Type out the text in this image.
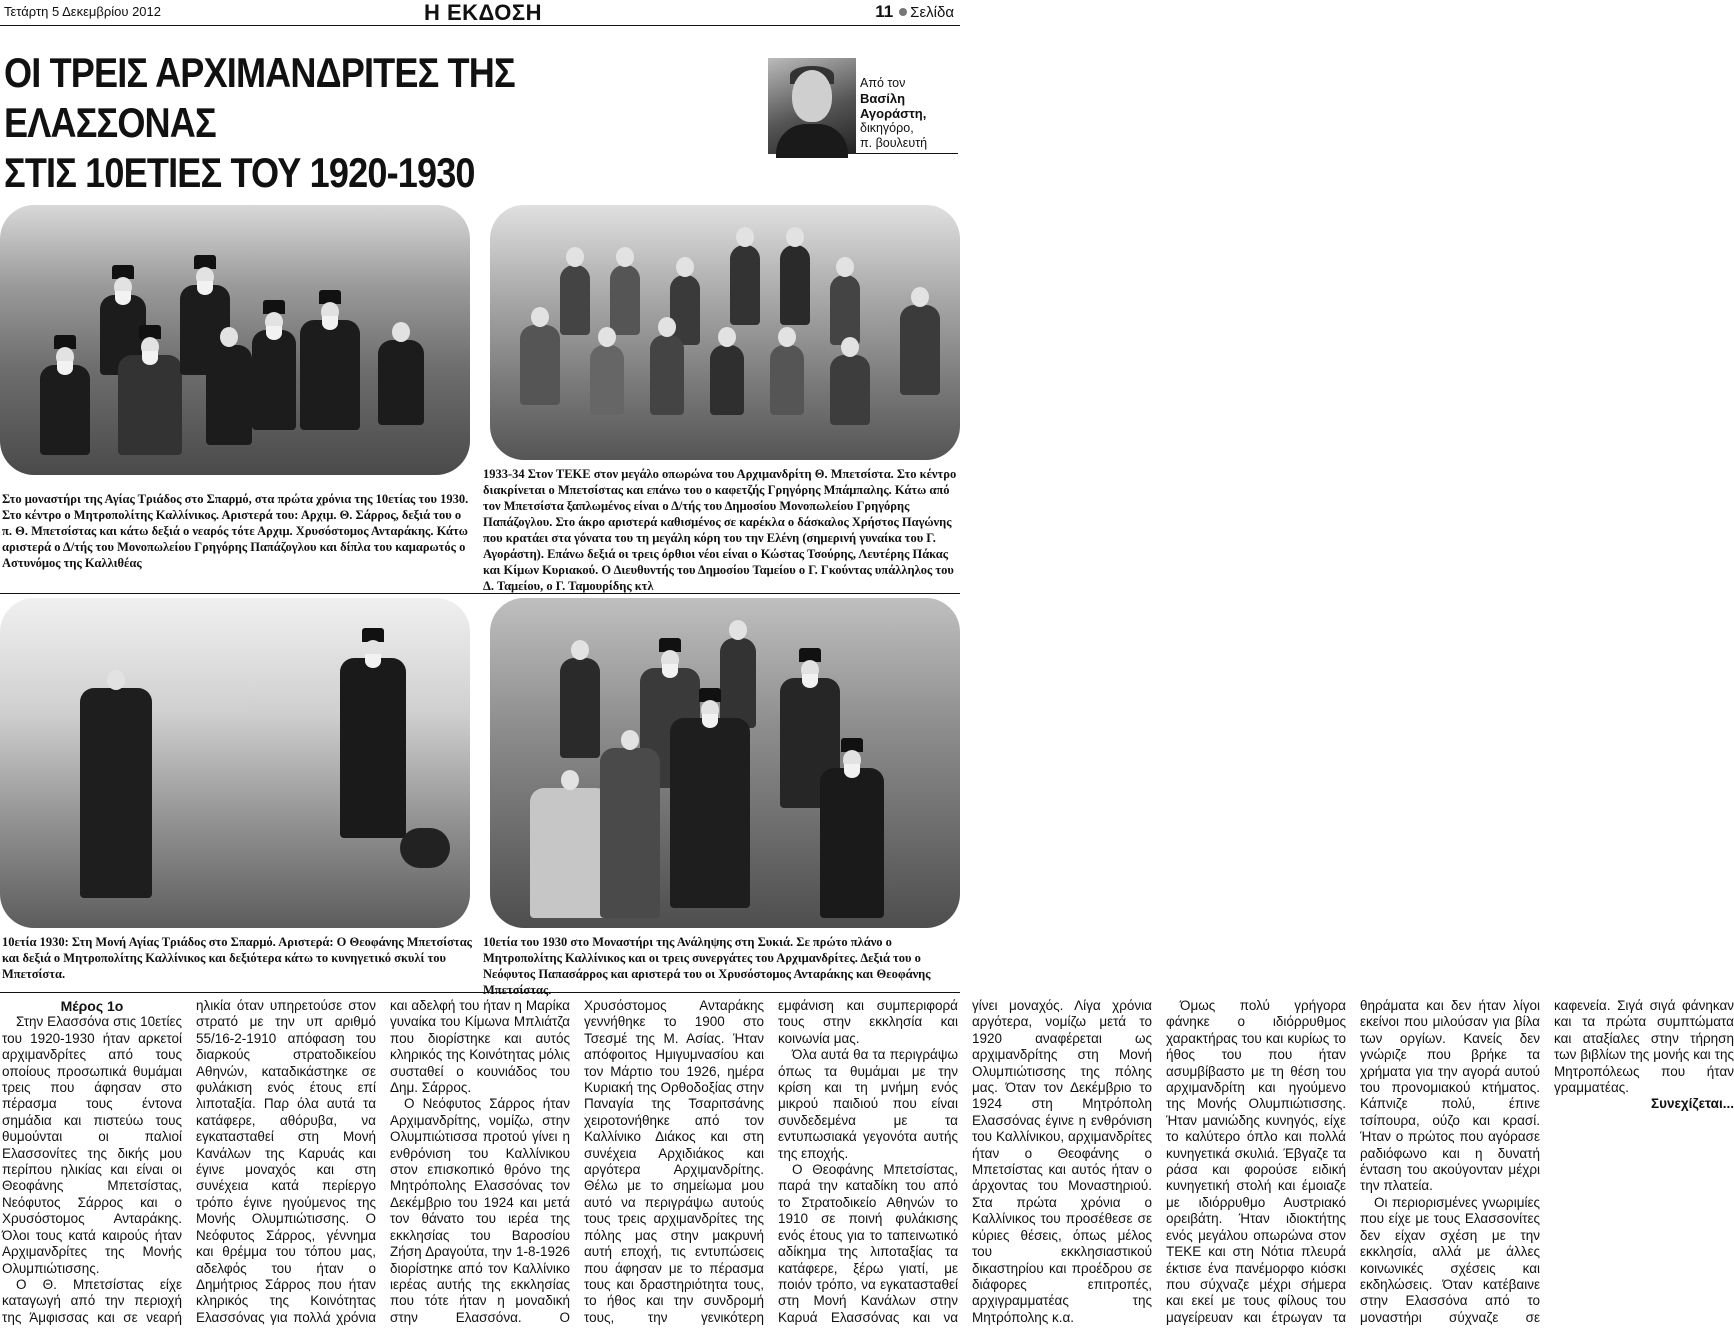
Τετάρτη 5 Δεκεμβρίου 2012	Η ΕΚΔΟΣΗ	11 Σελίδα
ΟΙ ΤΡΕΙΣ ΑΡΧΙΜΑΝΔΡΙΤΕΣ ΤΗΣ ΕΛΑΣΣΟΝΑΣ
ΣΤΙΣ 10ΕΤΙΕΣ ΤΟΥ 1920-1930
Από τον
Βασίλη
Αγοράστη,
δικηγόρο,
π. βουλευτή
Στο μοναστήρι της Αγίας Τριάδος στο Σπαρμό, στα πρώτα χρόνια της 10ετίας του 1930. Στο κέντρο ο Μητροπολίτης Καλλίνικος. Αριστερά του: Αρχιμ. Θ. Σάρρος, δεξιά του ο π. Θ. Μπετσίστας και κάτω δεξιά ο νεαρός τότε Αρχιμ. Χρυσόστομος Ανταράκης. Κάτω αριστερά ο Δ/τής του Μονοπωλείου Γρηγόρης Παπάζογλου και δίπλα του καμαρωτός ο Αστυνόμος της Καλλιθέας
1933-34 Στον ΤΕΚΕ στον μεγάλο οπωρώνα του Αρχιμανδρίτη Θ. Μπετσίστα. Στο κέντρο διακρίνεται ο Μπετσίστας και επάνω του ο καφετζής Γρηγόρης Μπάμπαλης. Κάτω από τον Μπετσίστα ξαπλωμένος είναι ο Δ/τής του Δημοσίου Μονοπωλείου Γρηγόρης Παπάζογλου. Στο άκρο αριστερά καθισμένος σε καρέκλα ο δάσκαλος Χρήστος Παγώνης που κρατάει στα γόνατα του τη μεγάλη κόρη του την Ελένη (σημερινή γυναίκα του Γ. Αγοράστη). Επάνω δεξιά οι τρεις όρθιοι νέοι είναι ο Κώστας Τσούρης, Λευτέρης Πάκας και Κίμων Κυριακού. Ο Διευθυντής του Δημοσίου Ταμείου ο Γ. Γκούντας υπάλληλος του Δ. Ταμείου, ο Γ. Ταμουρίδης κτλ
10ετία 1930: Στη Μονή Αγίας Τριάδος στο Σπαρμό. Αριστερά: Ο Θεοφάνης Μπετσίστας και δεξιά ο Μητροπολίτης Καλλίνικος και δεξιότερα κάτω το κυνηγετικό σκυλί του Μπετσίστα.
10ετία του 1930 στο Μοναστήρι της Ανάληψης στη Συκιά. Σε πρώτο πλάνο ο Μητροπολίτης Καλλίνικος και οι τρεις συνεργάτες του Αρχιμανδρίτες. Δεξιά του ο Νεόφυτος Παπασάρρος και αριστερά του οι Χρυσόστομος Ανταράκης και Θεοφάνης Μπετσίστας.

Μέρος 1ο

Στην Ελασσόνα στις 10ετίες του 1920-1930 ήταν αρκετοί αρχιμανδρίτες από τους οποίους προσωπικά θυμάμαι τρεις που άφησαν στο πέρασμα τους έντονα σημάδια και πιστεύω τους θυμούνται οι παλιοί Ελασσονίτες της δικής μου περίπου ηλικίας και είναι οι Θεοφάνης Μπετσίστας, Νεόφυτος Σάρρος και ο Χρυσόστομος Ανταράκης. Όλοι τους κατά καιρούς ήταν Αρχιμανδρίτες της Μονής Ολυμπιώτισσης.

Ο Θ. Μπετσίστας είχε καταγωγή από την περιοχή της Άμφισσας και σε νεαρή ηλικία όταν υπηρετούσε στον στρατό με την υπ αριθμό 55/16-2-1910 απόφαση του διαρκούς στρατοδικείου Αθηνών, καταδικάστηκε σε φυλάκιση ενός έτους επί λιποταξία. Παρ όλα αυτά τα κατάφερε, αθόρυβα, να εγκατασταθεί στη Μονή Κανάλων της Καρυάς και έγινε μοναχός και στη συνέχεια κατά περίεργο τρόπο έγινε ηγούμενος της Μονής Ολυμπιώτισσης. Ο Νεόφυτος Σάρρος, γέννημα και θρέμμα του τόπου μας, αδελφός του ήταν ο Δημήτριος Σάρρος που ήταν κληρικός της Κοινότητας Ελασσόνας για πολλά χρόνια και αδελφή του ήταν η Μαρίκα γυναίκα του Κίμωνα Μπλιάτζα που διορίστηκε και αυτός κληρικός της Κοινότητας μόλις συσταθεί ο κουνιάδος του Δημ. Σάρρος.

Ο Νεόφυτος Σάρρος ήταν Αρχιμανδρίτης, νομίζω, στην Ολυμπιώτισσα προτού γίνει η ενθρόνιση του Καλλίνικου στον επισκοπικό θρόνο της Μητρόπολης Ελασσόνας τον Δεκέμβριο του 1924 και μετά τον θάνατο του ιερέα της εκκλησίας του Βαροσίου Ζήση Δραγούτα, την 1-8-1926 διορίστηκε από τον Καλλίνικο ιερέας αυτής της εκκλησίας που τότε ήταν η μοναδική στην Ελασσόνα. Ο Χρυσόστομος Ανταράκης γεννήθηκε το 1900 στο Τσεσμέ της Μ. Ασίας. Ήταν απόφοιτος Ημιγυμνασίου και τον Μάρτιο του 1926, ημέρα Κυριακή της Ορθοδοξίας στην Παναγία της Τσαριτσάνης χειροτονήθηκε από τον Καλλίνικο Διάκος και στη συνέχεια Αρχιδιάκος και αργότερα Αρχιμανδρίτης. Θέλω με το σημείωμα μου αυτό να περιγράψω αυτούς τους τρεις αρχιμανδρίτες της πόλης μας στην μακρυνή αυτή εποχή, τις εντυπώσεις που άφησαν με το πέρασμα τους και δραστηριότητα τους, το ήθος και την συνδρομή τους, την γενικότερη εμφάνιση και συμπεριφορά τους στην εκκλησία και κοινωνία μας.

Όλα αυτά θα τα περιγράψω όπως τα θυμάμαι με την κρίση και τη μνήμη ενός μικρού παιδιού που είναι συνδεδεμένα με τα εντυπωσιακά γεγονότα αυτής της εποχής.

Ο Θεοφάνης Μπετσίστας, παρά την καταδίκη του από το Στρατοδικείο Αθηνών το 1910 σε ποινή φυλάκισης ενός έτους για το ταπεινωτικό αδίκημα της λιποταξίας τα κατάφερε, ξέρω γιατί, με ποιόν τρόπο, να εγκατασταθεί στη Μονή Κανάλων στην Καρυά Ελασσόνας και να γίνει μοναχός. Λίγα χρόνια αργότερα, νομίζω μετά το 1920 αναφέρεται ως αρχιμανδρίτης στη Μονή Ολυμπιώτισσης της πόλης μας. Όταν τον Δεκέμβριο το 1924 στη Μητρόπολη Ελασσόνας έγινε η ενθρόνιση του Καλλίνικου, αρχιμανδρίτες ήταν ο Θεοφάνης ο Μπετσίστας και αυτός ήταν ο άρχοντας του Μοναστηριού. Στα πρώτα χρόνια ο Καλλίνικος του προσέθεσε σε κύριες θέσεις, όπως μέλος του εκκλησιαστικού δικαστηρίου και προέδρου σε διάφορες επιτροπές, αρχιγραμματέας της Μητρόπολης κ.α.

Όμως πολύ γρήγορα φάνηκε ο ιδιόρρυθμος χαρακτήρας του και κυρίως το ήθος του που ήταν ασυμβίβαστο με τη θέση του αρχιμανδρίτη και ηγούμενο της Μονής Ολυμπιώτισσης. Ήταν μανιώδης κυνηγός, είχε το καλύτερο όπλο και πολλά κυνηγετικά σκυλιά. Έβγαζε τα ράσα και φορούσε ειδική κυνηγετική στολή και έμοιαζε με ιδιόρρυθμο Αυστριακό ορειβάτη. Ήταν ιδιοκτήτης ενός μεγάλου οπωρώνα στον ΤΕΚΕ και στη Νότια πλευρά έκτισε ένα πανέμορφο κιόσκι που σύχναζε μέχρι σήμερα και εκεί με τους φίλους του μαγείρευαν και έτρωγαν τα θηράματα και δεν ήταν λίγοι εκείνοι που μιλούσαν για βίλα των οργίων. Κανείς δεν γνώριζε που βρήκε τα χρήματα για την αγορά αυτού του προνομιακού κτήματος. Κάπνιζε πολύ, έπινε τσίπουρα, ούζο και κρασί. Ήταν ο πρώτος που αγόρασε ραδιόφωνο και η δυνατή ένταση του ακούγονταν μέχρι την πλατεία.

Οι περιορισμένες γνωριμίες που είχε με τους Ελασσονίτες δεν είχαν σχέση με την εκκλησία, αλλά με άλλες κοινωνικές σχέσεις και εκδηλώσεις. Όταν κατέβαινε στην Ελασσόνα από το μοναστήρι σύχναζε σε καφενεία. Σιγά σιγά φάνηκαν και τα πρώτα συμπτώματα και αταξίαλες στην τήρηση των βιβλίων της μονής και της Μητροπόλεως που ήταν γραμματέας.

Συνεχίζεται...
